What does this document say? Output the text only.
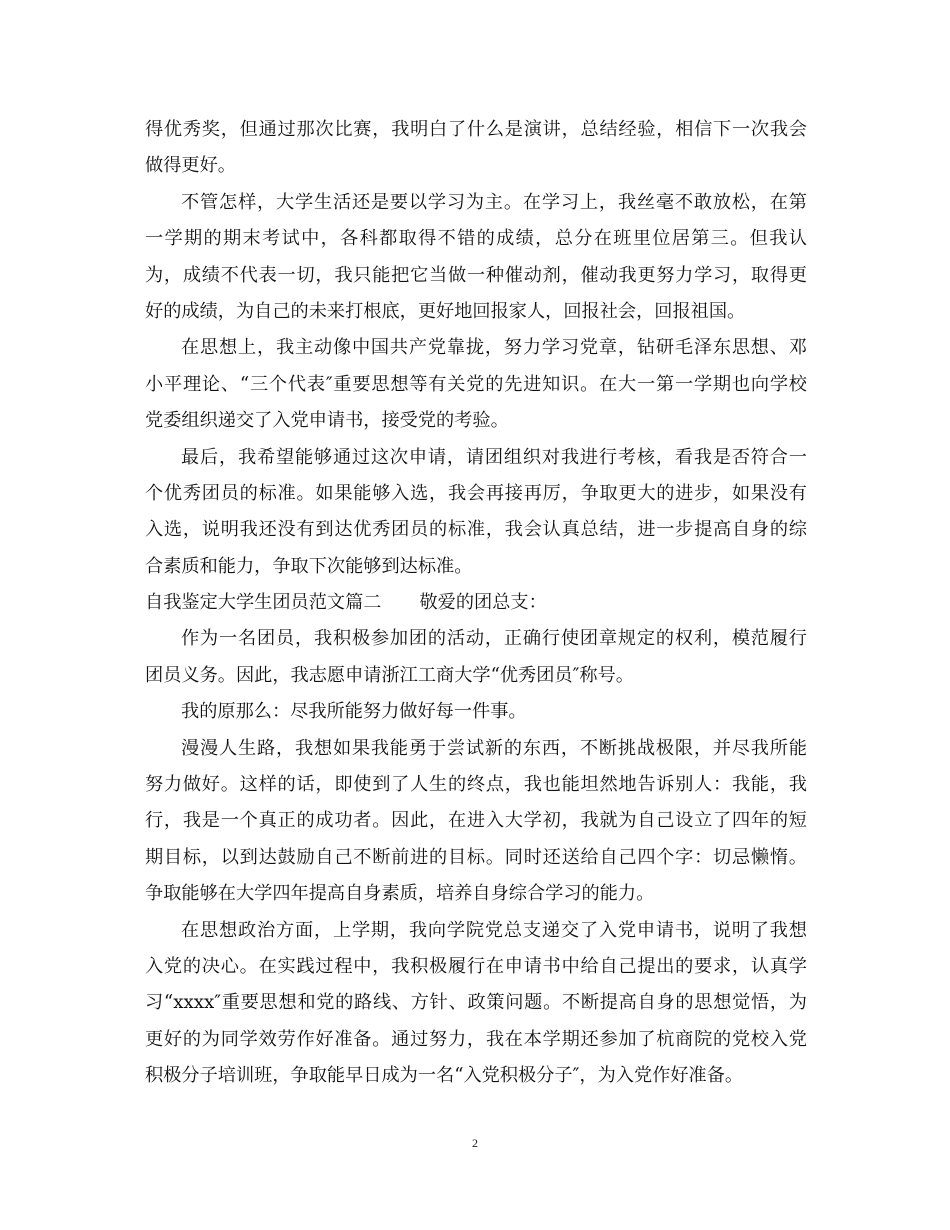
得优秀奖，但通过那次比赛，我明白了什么是演讲，总结经验，相信下一次我会
做得更好。
不管怎样，大学生活还是要以学习为主。在学习上，我丝毫不敢放松，在第
一学期的期末考试中，各科都取得不错的成绩，总分在班里位居第三。但我认
为，成绩不代表一切，我只能把它当做一种催动剂，催动我更努力学习，取得更
好的成绩，为自己的未来打根底，更好地回报家人，回报社会，回报祖国。
在思想上，我主动像中国共产党靠拢，努力学习党章，钻研毛泽东思想、邓
小平理论、“三个代表″重要思想等有关党的先进知识。在大一第一学期也向学校
党委组织递交了入党申请书，接受党的考验。
最后，我希望能够通过这次申请，请团组织对我进行考核，看我是否符合一
个优秀团员的标准。如果能够入选，我会再接再厉，争取更大的进步，如果没有
入选，说明我还没有到达优秀团员的标准，我会认真总结，进一步提高自身的综
合素质和能力，争取下次能够到达标准。
自我鉴定大学生团员范文篇二 敬爱的团总支：
作为一名团员，我积极参加团的活动，正确行使团章规定的权利，模范履行
团员义务。因此，我志愿申请浙江工商大学“优秀团员″称号。
我的原那么：尽我所能努力做好每一件事。
漫漫人生路，我想如果我能勇于尝试新的东西，不断挑战极限，并尽我所能
努力做好。这样的话，即使到了人生的终点，我也能坦然地告诉别人：我能，我
行，我是一个真正的成功者。因此，在进入大学初，我就为自己设立了四年的短
期目标，以到达鼓励自己不断前进的目标。同时还送给自己四个字：切忌懒惰。
争取能够在大学四年提高自身素质，培养自身综合学习的能力。
在思想政治方面，上学期，我向学院党总支递交了入党申请书，说明了我想
入党的决心。在实践过程中，我积极履行在申请书中给自己提出的要求，认真学
习“xxxx″重要思想和党的路线、方针、政策问题。不断提高自身的思想觉悟，为
更好的为同学效劳作好准备。通过努力，我在本学期还参加了杭商院的党校入党
积极分子培训班，争取能早日成为一名“入党积极分子″，为入党作好准备。
2
